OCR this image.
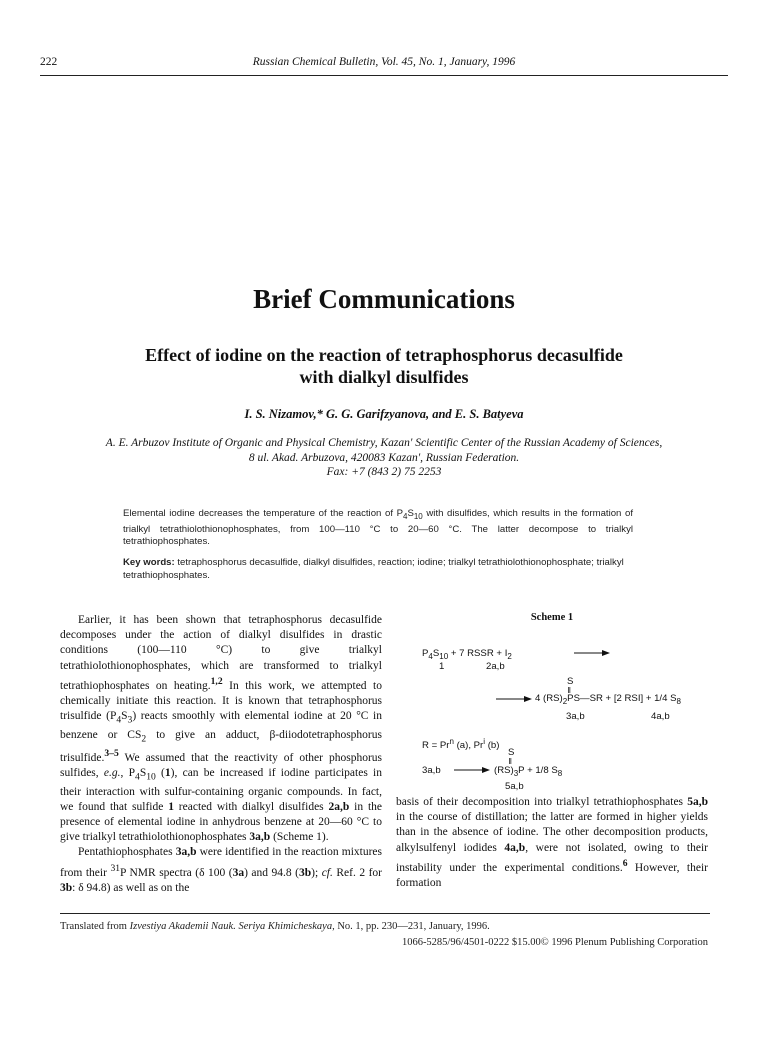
222	Russian Chemical Bulletin, Vol. 45, No. 1, January, 1996
Brief Communications
Effect of iodine on the reaction of tetraphosphorus decasulfide
with dialkyl disulfides
I. S. Nizamov,* G. G. Garifzyanova, and E. S. Batyeva
A. E. Arbuzov Institute of Organic and Physical Chemistry, Kazan' Scientific Center of the Russian Academy of Sciences,
8 ul. Akad. Arbuzova, 420083 Kazan', Russian Federation.
Fax: +7 (843 2) 75 2253
Elemental iodine decreases the temperature of the reaction of $P_4S_{10}$ with disulfides, which results in the formation of trialkyl tetrathiolothionophosphates, from 100—110 °C to 20—60 °C. The latter decompose to trialkyl tetrathiophosphates.
Key words: tetraphosphorus decasulfide, dialkyl disulfides, reaction; iodine; trialkyl tetrathiolothionophosphate; trialkyl tetrathiophosphates.

Earlier, it has been shown that tetraphosphorus decasulfide decomposes under the action of dialkyl disulfides in drastic conditions (100—110 °C) to give trialkyl tetrathiolothionophosphates, which are transformed to trialkyl tetrathiophosphates on heating.$^{1,2}$ In this work, we attempted to chemically initiate this reaction. It is known that tetraphosphorus trisulfide $(P_4S_3)$ reacts smoothly with elemental iodine at 20 °C in benzene or $CS_2$ to give an adduct, β-diiodotetraphosphorus trisulfide.$^{3-5}$ We assumed that the reactivity of other phosphorus sulfides, e.g., $P_4S_{10}$ (1), can be increased if iodine participates in their interaction with sulfur-containing organic compounds. In fact, we found that sulfide 1 reacted with dialkyl disulfides 2a,b in the presence of elemental iodine in anhydrous benzene at 20—60 °C to give trialkyl tetrathiolothionophosphates 3a,b (Scheme 1).

Pentathiophosphates 3a,b were identified in the reaction mixtures from their $^{31}$P NMR spectra (δ 100 (3a) and 94.8 (3b); cf. Ref. 2 for 3b: δ 94.8) as well as on the

Scheme 1
$P_4S_{10} + 7$ RSSR + $I_2$
1	2a,b
S
II
→ 4 $(RS)_2PS—SR + [2$ RSI] + 1/4 $S_8$
3a,b	4a,b
$R = Pr^n$ (a), Pr$^i$ (b)
S
II
$3a,b \to (RS)_3P + 1/8$ $S_8$
5a,b

basis of their decomposition into trialkyl tetrathiophosphates 5a,b in the course of distillation; the latter are formed in higher yields than in the absence of iodine. The other decomposition products, alkylsulfenyl iodides 4a,b, were not isolated, owing to their instability under the experimental conditions.$^6$ However, their formation

Translated from Izvestiya Akademii Nauk. Seriya Khimicheskaya, No. 1, pp. 230—231, January, 1996.
1066-5285/96/4501-0222 $15.00© 1996 Plenum Publishing Corporation
